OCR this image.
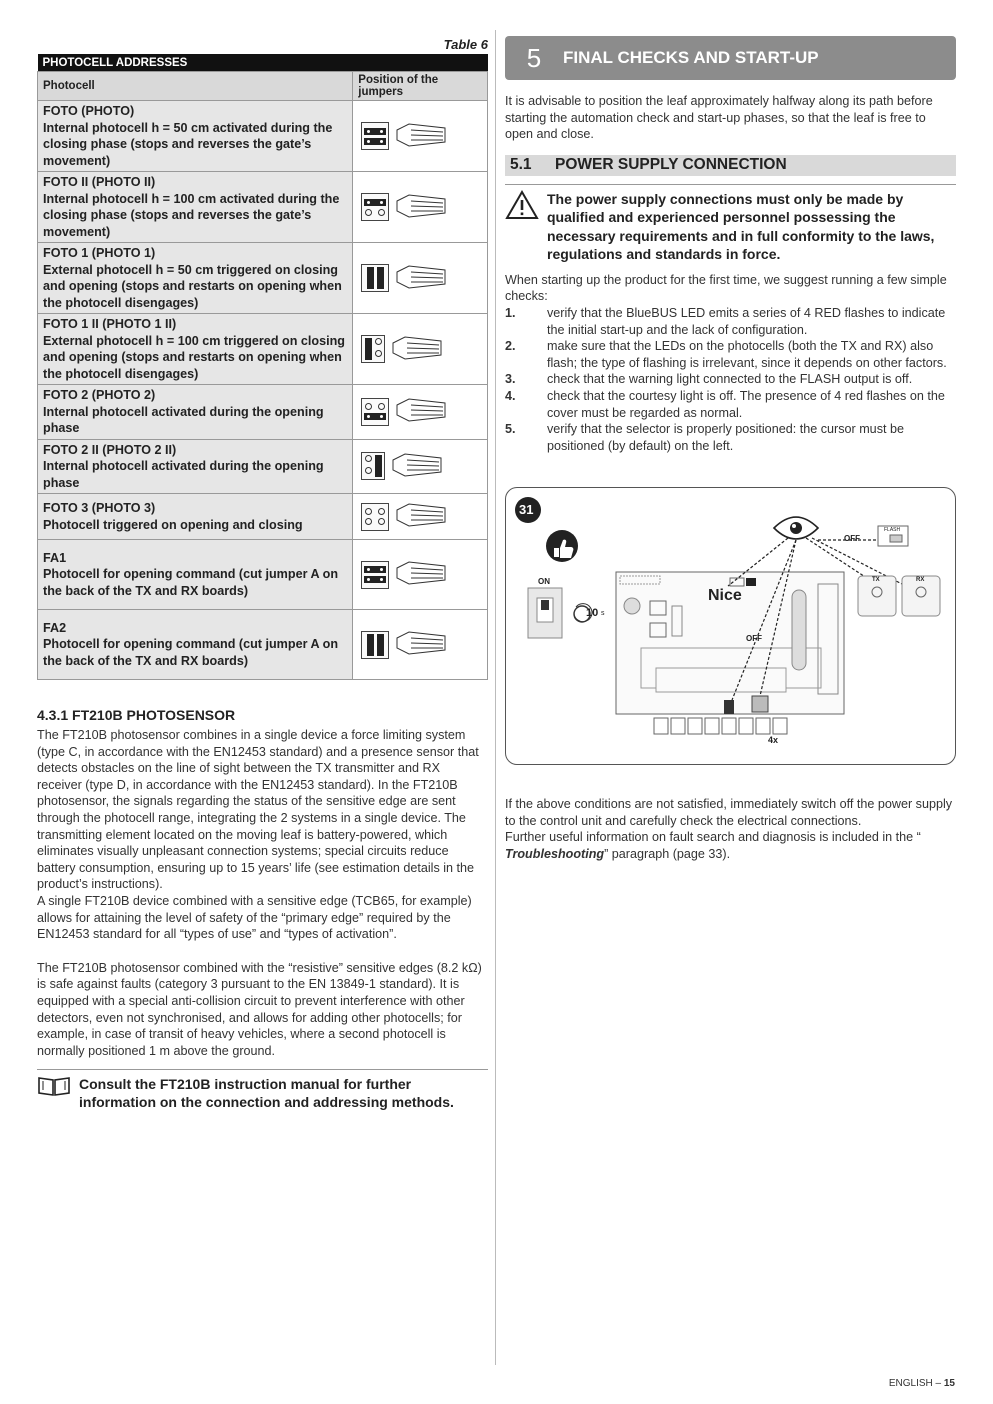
Table 6
PHOTOCELL ADDRESSES	
Photocell	Position of the jumpers

FOTO (PHOTO)
Internal photocell h = 50 cm activated during the closing phase (stops and reverses the gate’s movement)

FOTO II (PHOTO II)
Internal photocell h = 100 cm activated during the closing phase (stops and reverses the gate’s movement)

FOTO 1 (PHOTO 1)
External photocell h = 50 cm triggered on closing and opening (stops and restarts on opening when the photocell disengages)

FOTO 1 II (PHOTO 1 II)
External photocell h = 100 cm triggered on closing and opening (stops and restarts on opening when the photocell disengages)

FOTO 2 (PHOTO 2)
Internal photocell activated during the opening phase

FOTO 2 II (PHOTO 2 II)
Internal photocell activated during the opening phase

FOTO 3 (PHOTO 3)
Photocell triggered on opening and closing

FA1
Photocell for opening command (cut jumper A on the back of the TX and RX boards)

FA2
Photocell for opening command (cut jumper A on the back of the TX and RX boards)

4.3.1 FT210B PHOTOSENSOR

The FT210B photosensor combines in a single device a force limiting system (type C, in accordance with the EN12453 standard) and a presence sensor that detects obstacles on the line of sight between the TX transmitter and RX receiver (type D, in accordance with the EN12453 standard). In the FT210B photosensor, the signals regarding the status of the sensitive edge are sent through the photocell range, integrating the 2 systems in a single device. The transmitting element located on the moving leaf is battery-powered, which eliminates visually unpleasant connection systems; special circuits reduce battery consumption, ensuring up to 15 years’ life (see estimation details in the product’s instructions).

A single FT210B device combined with a sensitive edge (TCB65, for example) allows for attaining the level of safety of the “primary edge” required by the EN12453 standard for all “types of use” and “types of activation”.

The FT210B photosensor combined with the “resistive” sensitive edges (8.2 kΩ) is safe against faults (category 3 pursuant to the EN 13849-1 standard). It is equipped with a special anti-collision circuit to prevent interference with other detectors, even not synchronised, and allows for adding other photocells; for example, in case of transit of heavy vehicles, where a second photocell is normally positioned 1 m above the ground.

Consult the FT210B instruction manual for further information on the connection and addressing methods.
5	FINAL CHECKS AND START-UP

It is advisable to position the leaf approximately halfway along its path before starting the automation check and start-up phases, so that the leaf is free to open and close.

5.1	POWER SUPPLY CONNECTION
The power supply connections must only be made by qualified and experienced personnel possessing the necessary requirements and in full conformity to the laws, regulations and standards in force.

When starting up the product for the first time, we suggest running a few simple checks:

1.	verify that the BlueBUS LED emits a series of 4 RED flashes to indicate the initial start-up and the lack of configuration.
2.	make sure that the LEDs on the photocells (both the TX and RX) also flash; the type of flashing is irrelevant, since it depends on other factors.
3.	check that the warning light connected to the FLASH output is off.
4.	check that the courtesy light is off. The presence of 4 red flashes on the cover must be regarded as normal.
5.	verify that the selector is properly positioned: the cursor must be positioned (by default) on the left.
31
ON
10 s
Nice
OFF
OFF
FLASH
TX	RX
4x

If the above conditions are not satisfied, immediately switch off the power supply to the control unit and carefully check the electrical connections.

Further useful information on fault search and diagnosis is included in the “ Troubleshooting” paragraph (page 33).

ENGLISH – 15
